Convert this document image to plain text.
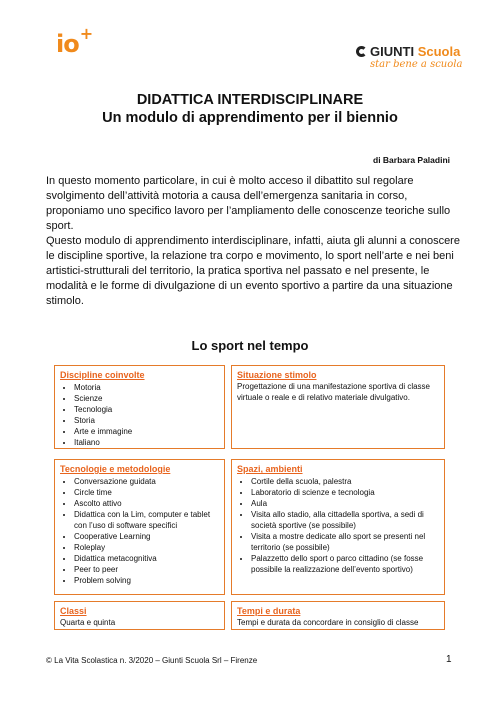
io+
GIUNTI Scuola
star bene a scuola
DIDATTICA INTERDISCIPLINARE
Un modulo di apprendimento per il biennio
di Barbara Paladini

In questo momento particolare, in cui è molto acceso il dibattito sul regolare svolgimento dell’attività motoria a causa dell’emergenza sanitaria in corso, proponiamo uno specifico lavoro per l’ampliamento delle conoscenze teoriche sullo sport.

Questo modulo di apprendimento interdisciplinare, infatti, aiuta gli alunni a conoscere le discipline sportive, la relazione tra corpo e movimento, lo sport nell’arte e nei beni artistici-strutturali del territorio, la pratica sportiva nel passato e nel presente, le modalità e le forme di divulgazione di un evento sportivo a partire da una situazione stimolo.

Lo sport nel tempo
Discipline coinvolte
• Motoria
• Scienze
• Tecnologia
• Storia
• Arte e immagine
• Italiano
Situazione stimolo

Progettazione di una manifestazione sportiva di classe virtuale o reale e di relativo materiale divulgativo.

Tecnologie e metodologie
• Conversazione guidata
• Circle time
• Ascolto attivo
• Didattica con la Lim, computer e tablet con l’uso di software specifici
• Cooperative Learning
• Roleplay
• Didattica metacognitiva
• Peer to peer
• Problem solving
Spazi, ambienti
• Cortile della scuola, palestra
• Laboratorio di scienze e tecnologia
• Aula
• Visita allo stadio, alla cittadella sportiva, a sedi di società sportive (se possibile)
• Visita a mostre dedicate allo sport se presenti nel territorio (se possibile)
• Palazzetto dello sport o parco cittadino (se fosse possibile la realizzazione dell’evento sportivo)
Classi

Quarta e quinta

Tempi e durata

Tempi e durata da concordare in consiglio di classe

© La Vita Scolastica n. 3/2020 – Giunti Scuola Srl – Firenze	1
